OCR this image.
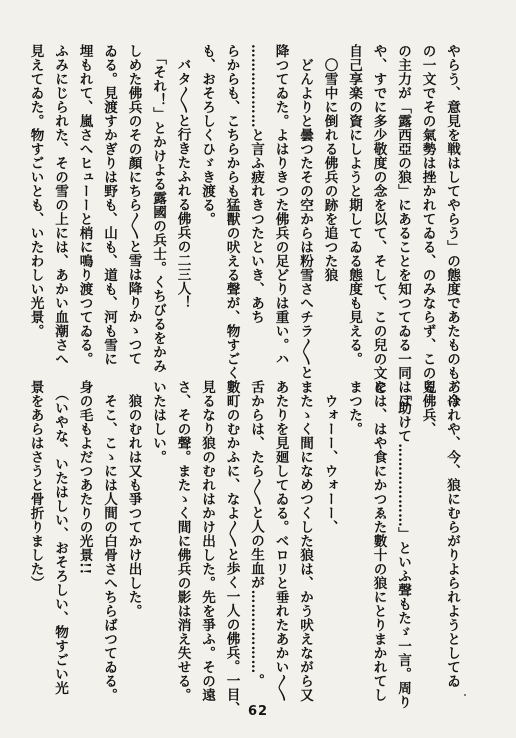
やらう、意見を戦はしてやらう」の態度であたものも、今
の一文でその氣勢は挫かれてゐる、のみならず、この兒
の主力が「露西亞の狼」にあることを知つてゐる一同はは
や、すでに多少敬度の念を以て、そして、この兒の文を
自己享楽の資にしようと期してゐる態度も見える。
　〇雪中に倒れる佛兵の跡を追つた狼
　どんよりと曇つたその空からは粉雪さへチラ〳〵と
降つてゐた。よはりきつた佛兵の足どりは重い。ハ
………………と言ふ疲れきつたといき、あち
らからも、こちらからも猛獸の吠える聲が、物すごく
も、おそろしくひゞき渡る。
　バタ〳〵と行きたふれる佛兵の二三人！
　「それ！」とかけよる露國の兵士。くちびるをかみ
しめた佛兵のその顏にちら〳〵と雪は降りかゝつて
ゐる。見渡すかぎりは野も、山も、道も、河も雪に
埋もれて、嵐さへヒューーと梢に鳴り渡つてゐる。
ふみにじられた、その雪の上には、あかい血潮さへ
見えてゐた。物すごいとも、いたわしい光景。
あはれや、今、狼にむらがりよられようとしてゐ
る佛兵、
　「助けて………………」といふ聲もたゞ一言。周り
には、はや食にかつゑた數十の狼にとりまかれてし
まつた。
　ウォーー、ウォーー、
またゝく間になめつくした狼は、かう吠えながら又
あたりを見廻してゐる。ベロリと垂れたあかい〳〵
舌からは、たら〳〵と人の生血が………………。
數町のむかふに、なよ〳〵と歩く一人の佛兵。一目、
見るなり狼のむれはかけ出した。先を爭ふ。その遠
さ、その聲。またゝく間に佛兵の影は消え失せる。
いたはしい。
　狼のむれは又も爭つてかけ出した。
　そこ、こゝには人間の白骨さへちらばつてゐる。
身の毛もよだつあたりの光景!!
　（いやな、いたはしい、おそろしい、物すごい光
景をあらはさうと骨折りました）
62
